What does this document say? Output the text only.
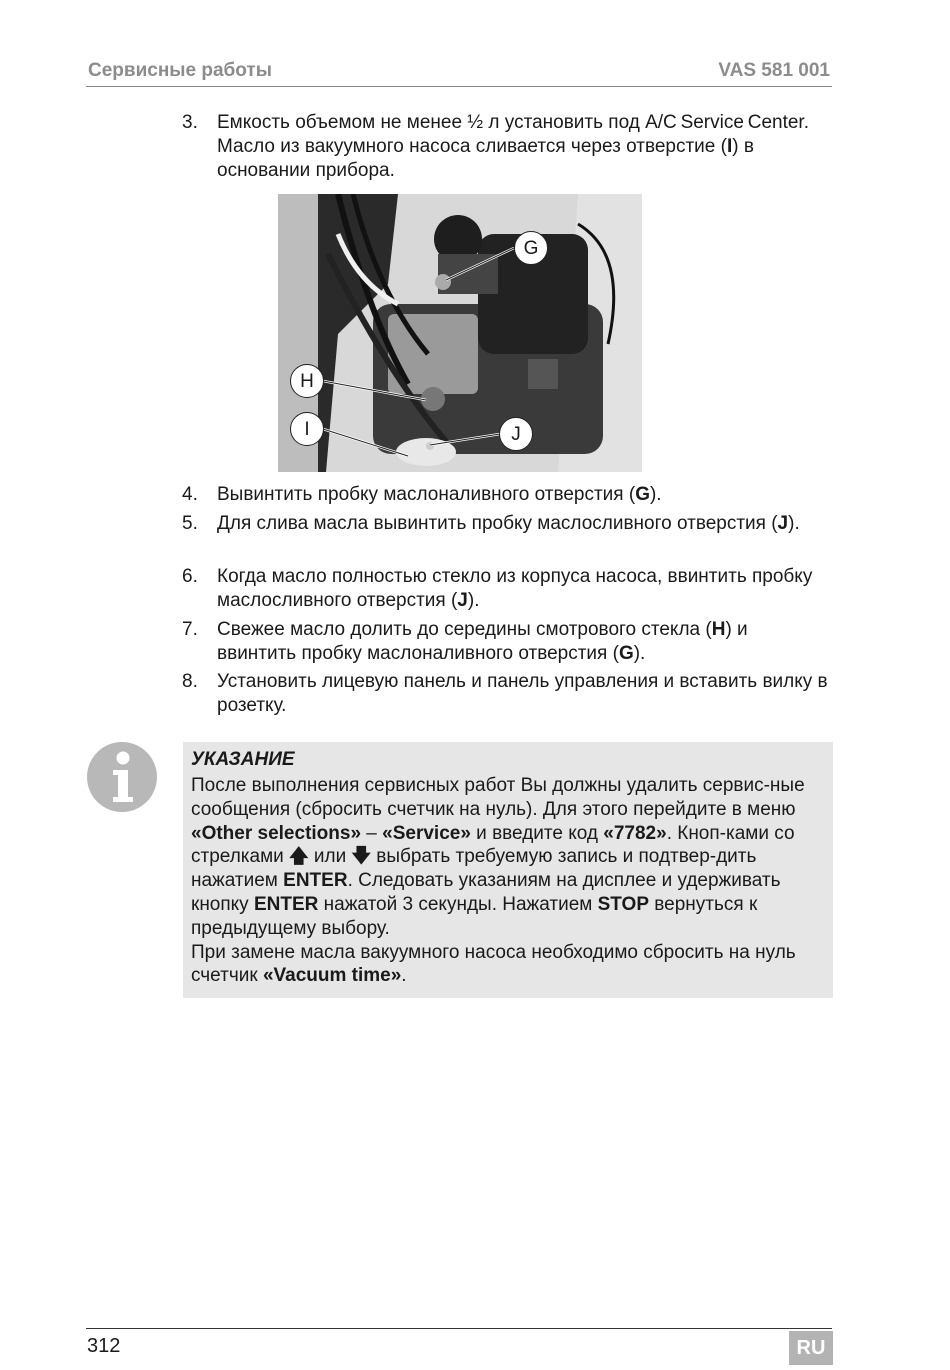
Сервисные работы	VAS 581 001
3. Емкость объемом не менее ½ л установить под A/C Service Center. Масло из вакуумного насоса сливается через отверстие (I) в основании прибора.
G
H
I	J
4. Вывинтить пробку маслоналивного отверстия (G).
5. Для слива масла вывинтить пробку маслосливного отверстия (J).
6. Когда масло полностью стекло из корпуса насоса, ввинтить пробку маслосливного отверстия (J).
7. Свежее масло долить до середины смотрового стекла (H) и ввинтить пробку маслоналивного отверстия (G).
8. Установить лицевую панель и панель управления и вставить вилку в розетку.
УКАЗАНИЕ

После выполнения сервисных работ Вы должны удалить сервис-ные сообщения (сбросить счетчик на нуль). Для этого перейдите в меню «Other selections» – «Service» и введите код «7782». Кноп-ками со стрелками 🡅 или 🡇 выбрать требуемую запись и подтвер-дить нажатием ENTER. Следовать указаниям на дисплее и удерживать кнопку ENTER нажатой 3 секунды. Нажатием STOP вернуться к предыдущему выбору.

При замене масла вакуумного насоса необходимо сбросить на нуль счетчик «Vacuum time».

312	RU
